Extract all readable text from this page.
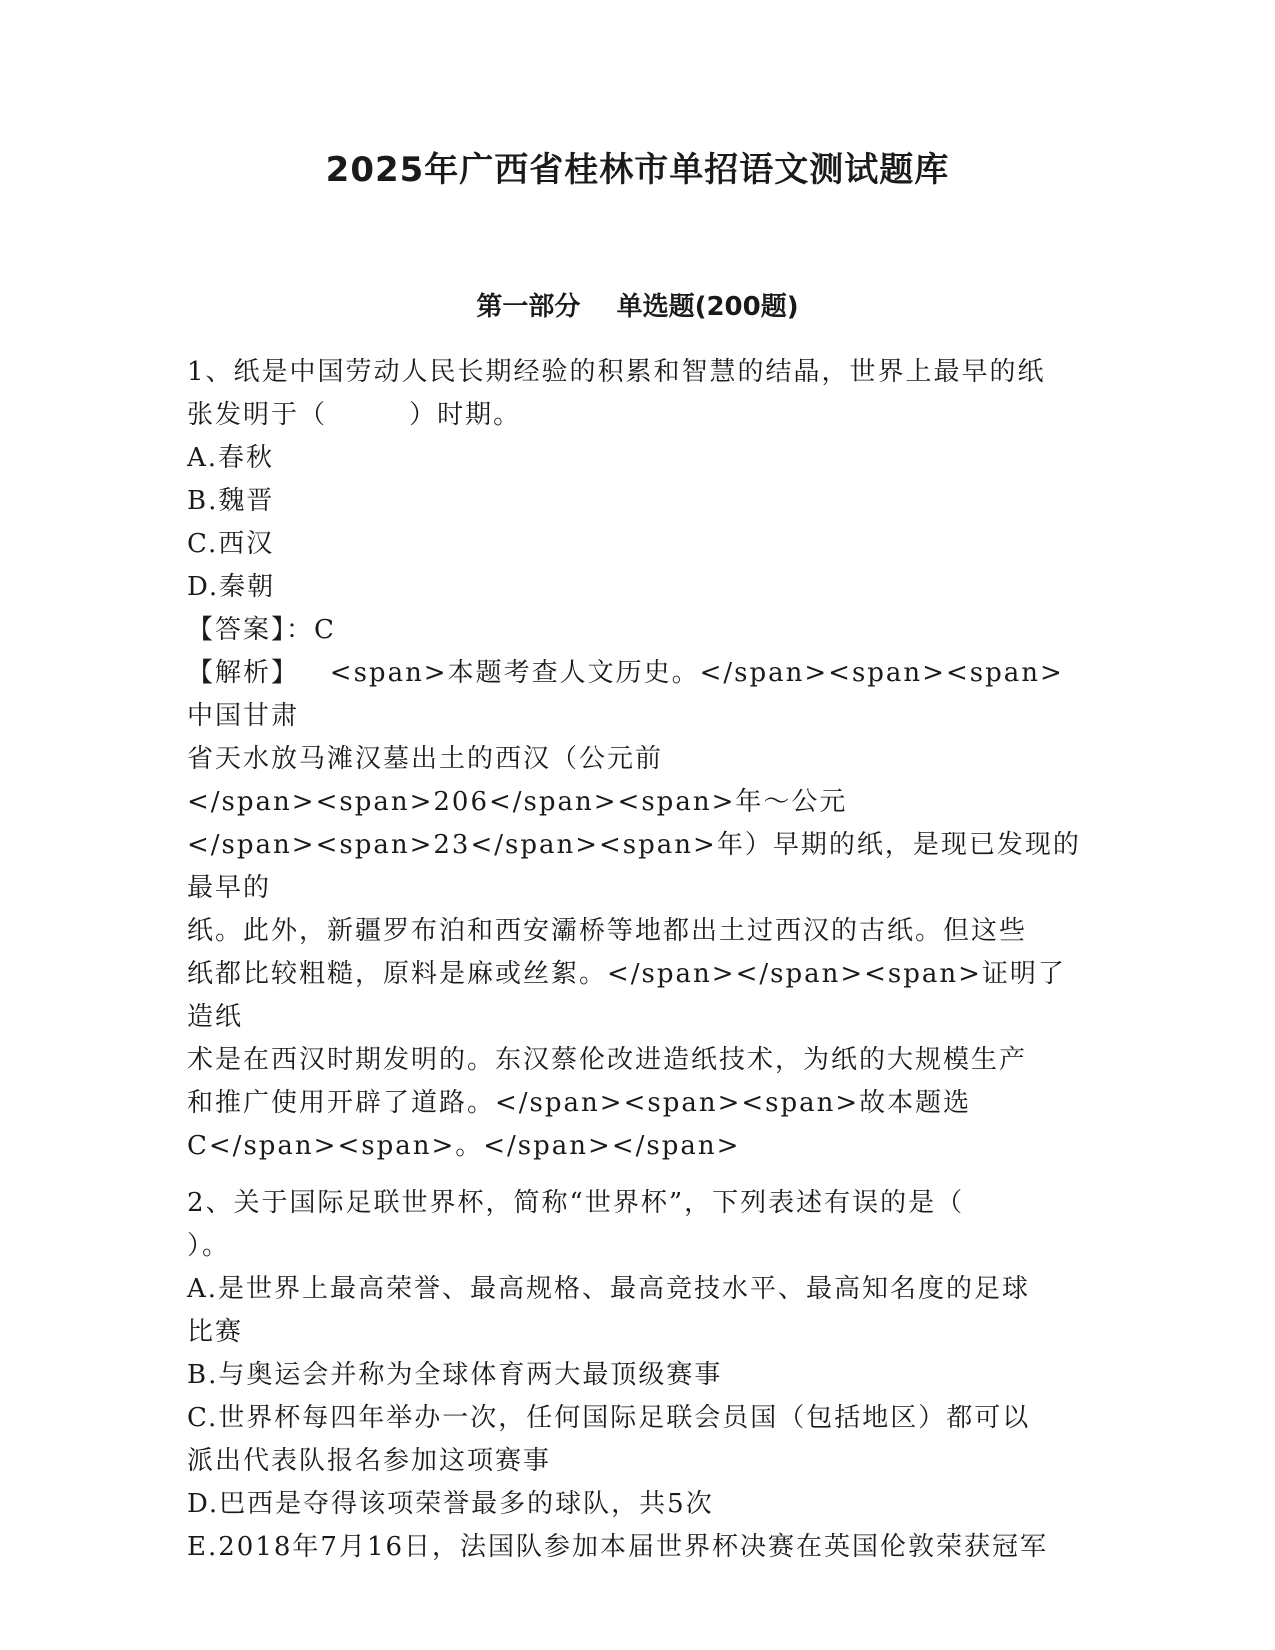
2025年广西省桂林市单招语文测试题库
第一部分    单选题(200题)
1、纸是中国劳动人民长期经验的积累和智慧的结晶，世界上最早的纸
张发明于（        ）时期。
A.春秋
B.魏晋
C.西汉
D.秦朝
【答案】：C
【解析】   <span>本题考查人文历史。</span><span><span>中国甘肃
省天水放马滩汉墓出土的西汉（公元前
</span><span>206</span><span>年～公元
</span><span>23</span><span>年）早期的纸，是现已发现的最早的
纸。此外，新疆罗布泊和西安灞桥等地都出土过西汉的古纸。但这些
纸都比较粗糙，原料是麻或丝絮。</span></span><span>证明了造纸
术是在西汉时期发明的。东汉蔡伦改进造纸技术，为纸的大规模生产
和推广使用开辟了道路。</span><span><span>故本题选
C</span><span>。</span></span>
2、关于国际足联世界杯，简称“世界杯”，下列表述有误的是（
）。
A.是世界上最高荣誉、最高规格、最高竞技水平、最高知名度的足球
比赛
B.与奥运会并称为全球体育两大最顶级赛事
C.世界杯每四年举办一次，任何国际足联会员国（包括地区）都可以
派出代表队报名参加这项赛事
D.巴西是夺得该项荣誉最多的球队，共5次
E.2018年7月16日，法国队参加本届世界杯决赛在英国伦敦荣获冠军
